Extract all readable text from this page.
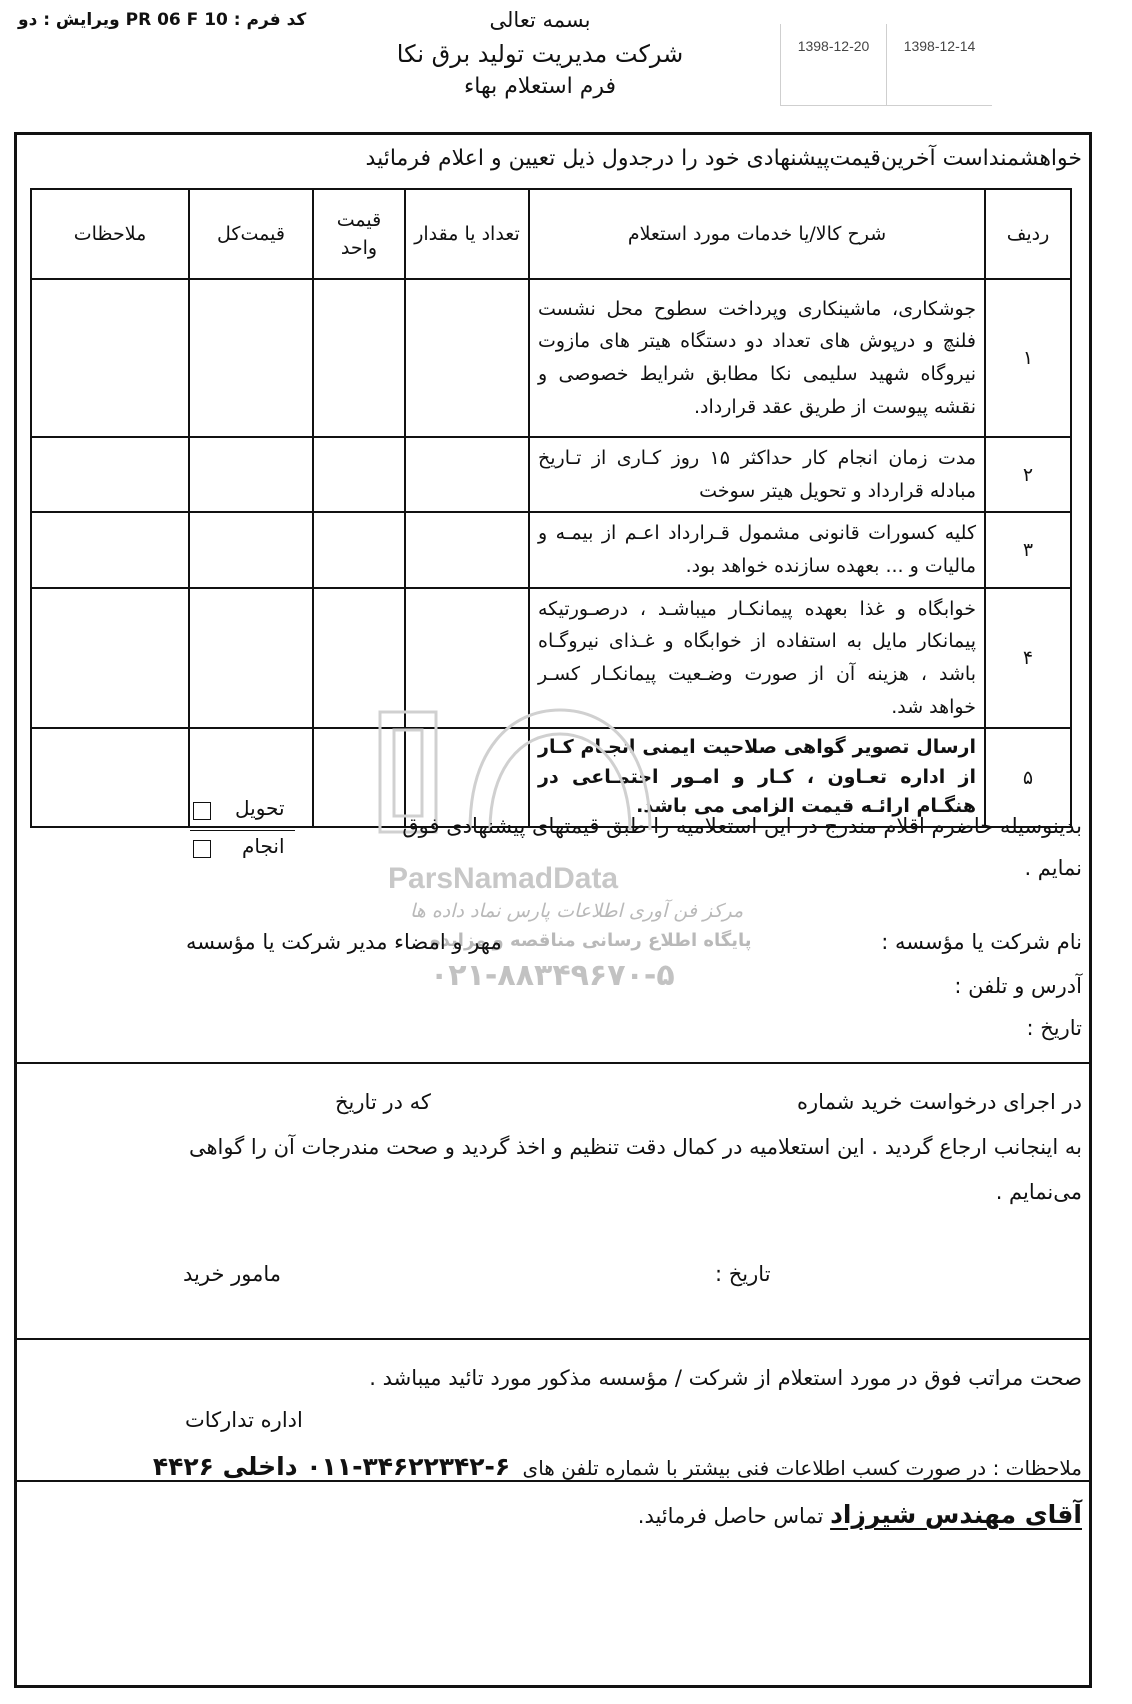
کد فرم : PR 06 F 10 ویرایش : دو	بسمه تعالی
شرکت مدیریت تولید برق نکا
فرم استعلام بهاء
1398-12-20	1398-12-14
خواهشمنداست آخرین‌قیمت‌پیشنهادی خود را درجدول ذیل تعیین و اعلام فرمائید
ردیف	شرح کالا/یا خدمات مورد استعلام	تعداد یا مقدار	قیمت واحد	قیمت‌کل	ملاحظات
۱	جوشکاری، ماشینکاری وپرداخت سطوح محل نشست فلنچ و درپوش های تعداد دو دستگاه هیتر های مازوت نیروگاه شهید سلیمی نکا مطابق شرایط خصوصی و نقشه پیوست از طریق عقد قرارداد.				
۲	مدت زمان انجام کار حداکثر ۱۵ روز کـاری از تـاریخ مبادله قرارداد و تحویل هیتر سوخت				
۳	کلیه کسورات قانونی مشمول قـرارداد اعـم از بیمـه و مالیات و ... بعهده سازنده خواهد بود.				
۴	خوابگاه و غذا بعهده پیمانکـار میباشـد ، درصـورتیکه پیمانکار مایل به استفاده از خوابگاه و غـذای نیروگـاه باشد ، هزینه آن از صورت وضـعیت پیمانکـار کسـر خواهد شد.				
۵	ارسال تصویر گواهی صلاحیت ایمنی انجـام کـار از اداره تعـاون ، کـار و امـور اجتمـاعی در هنگـام ارائـه قیمت الزامی می باشد.				
ParsNamadData
مرکز فن آوری اطلاعات پارس نماد داده ها
پایگاه اطلاع رسانی مناقصه و مزایده
۰۲۱-۸۸۳۴۹۶۷۰-۵
بدینوسیله حاضرم اقلام مندرج در این استعلامیه را طبق قیمتهای پیشنهادی فوق
نمایم .
تحویل
انجام
نام شرکت یا مؤسسه :
مهر و امضاء مدیر شرکت یا مؤسسه
آدرس و تلفن :
تاریخ :
در اجرای درخواست خرید شماره
که در تاریخ
به اینجانب ارجاع گردید . این استعلامیه در کمال دقت تنظیم و اخذ گردید و صحت مندرجات آن را گواهی
می‌نمایم .
تاریخ :
مامور خرید
صحت مراتب فوق در مورد استعلام از شرکت / مؤسسه مذکور مورد تائید میباشد .
اداره تدارکات
ملاحظات : در صورت کسب اطلاعات فنی بیشتر با شماره تلفن های ۶-۳۴۶۲۲۳۴۲-۰۱۱ داخلی ۴۴۲۶
آقای مهندس شیرزاد تماس حاصل فرمائید.
